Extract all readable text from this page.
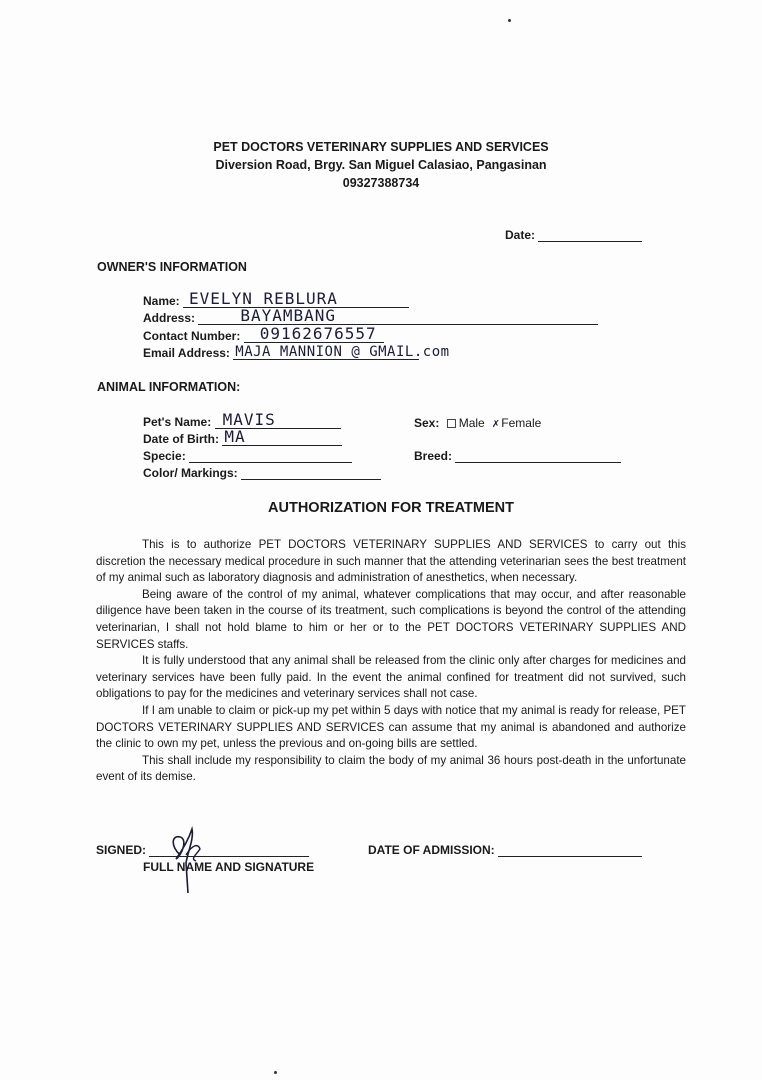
PET DOCTORS VETERINARY SUPPLIES AND SERVICES
Diversion Road, Brgy. San Miguel Calasiao, Pangasinan
09327388734
Date:
OWNER'S INFORMATION
Name: EVELYN REBLURA
Address:	BAYAMBANG
Contact Number: 09162676557
Email Address: MAJA MANNION @ GMAIL.com
ANIMAL INFORMATION:
Pet's Name: MAVIS
Date of Birth: MA
Specie:
Color/ Markings:
Sex: Male ✗ Female
Breed:
AUTHORIZATION FOR TREATMENT

This is to authorize PET DOCTORS VETERINARY SUPPLIES AND SERVICES to carry out this discretion the necessary medical procedure in such manner that the attending veterinarian sees the best treatment of my animal such as laboratory diagnosis and administration of anesthetics, when necessary.

Being aware of the control of my animal, whatever complications that may occur, and after reasonable diligence have been taken in the course of its treatment, such complications is beyond the control of the attending veterinarian, I shall not hold blame to him or her or to the PET DOCTORS VETERINARY SUPPLIES AND SERVICES staffs.

It is fully understood that any animal shall be released from the clinic only after charges for medicines and veterinary services have been fully paid. In the event the animal confined for treatment did not survived, such obligations to pay for the medicines and veterinary services shall not case.

If I am unable to claim or pick-up my pet within 5 days with notice that my animal is ready for release, PET DOCTORS VETERINARY SUPPLIES AND SERVICES can assume that my animal is abandoned and authorize the clinic to own my pet, unless the previous and on-going bills are settled.

This shall include my responsibility to claim the body of my animal 36 hours post-death in the unfortunate event of its demise.

SIGNED:
FULL NAME AND SIGNATURE
DATE OF ADMISSION:
